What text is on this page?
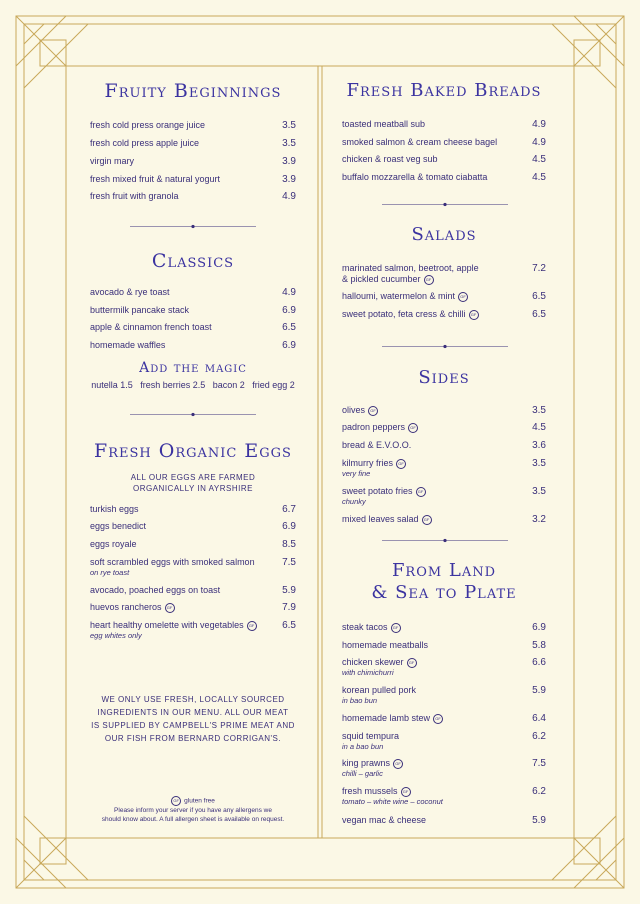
Fruity Beginnings
fresh cold press orange juice	3.5
fresh cold press apple juice	3.5
virgin mary	3.9
fresh mixed fruit & natural yogurt	3.9
fresh fruit with granola	4.9
Classics
avocado & rye toast	4.9
buttermilk pancake stack	6.9
apple & cinnamon french toast	6.5
homemade waffles	6.9
Add the magic
nutella 1.5   fresh berries 2.5   bacon 2   fried egg 2
Fresh Organic Eggs
ALL OUR EGGS ARE FARMED
ORGANICALLY IN AYRSHIRE
turkish eggs	6.7
eggs benedict	6.9
eggs royale	8.5
soft scrambled eggs with smoked salmon	7.5
on rye toast
avocado, poached eggs on toast	5.9
huevos rancheros GF	7.9
heart healthy omelette with vegetables GF	6.5
egg whites only
WE ONLY USE FRESH, LOCALLY SOURCED
INGREDIENTS IN OUR MENU. ALL OUR MEAT
IS SUPPLIED BY CAMPBELL'S PRIME MEAT AND
OUR FISH FROM BERNARD CORRIGAN'S.
GF gluten free
Please inform your server if you have any allergens we
should know about. A full allergen sheet is available on request.
Fresh Baked Breads
toasted meatball sub	4.9
smoked salmon & cream cheese bagel	4.9
chicken & roast veg sub	4.5
buffalo mozzarella & tomato ciabatta	4.5
Salads
marinated salmon, beetroot, apple	7.2
& pickled cucumber GF
halloumi, watermelon & mint GF	6.5
sweet potato, feta cress & chilli GF	6.5
Sides
olives GF	3.5
padron peppers GF	4.5
bread & E.V.O.O.	3.6
kilmurry fries GF	3.5
very fine
sweet potato fries GF	3.5
chunky
mixed leaves salad GF	3.2
From Land
& Sea to Plate
steak tacos GF	6.9
homemade meatballs	5.8
chicken skewer GF	6.6
with chimichurri
korean pulled pork	5.9
in bao bun
homemade lamb stew GF	6.4
squid tempura	6.2
in a bao bun
king prawns GF	7.5
chilli – garlic
fresh mussels GF	6.2
tomato – white wine – coconut
vegan mac & cheese	5.9
